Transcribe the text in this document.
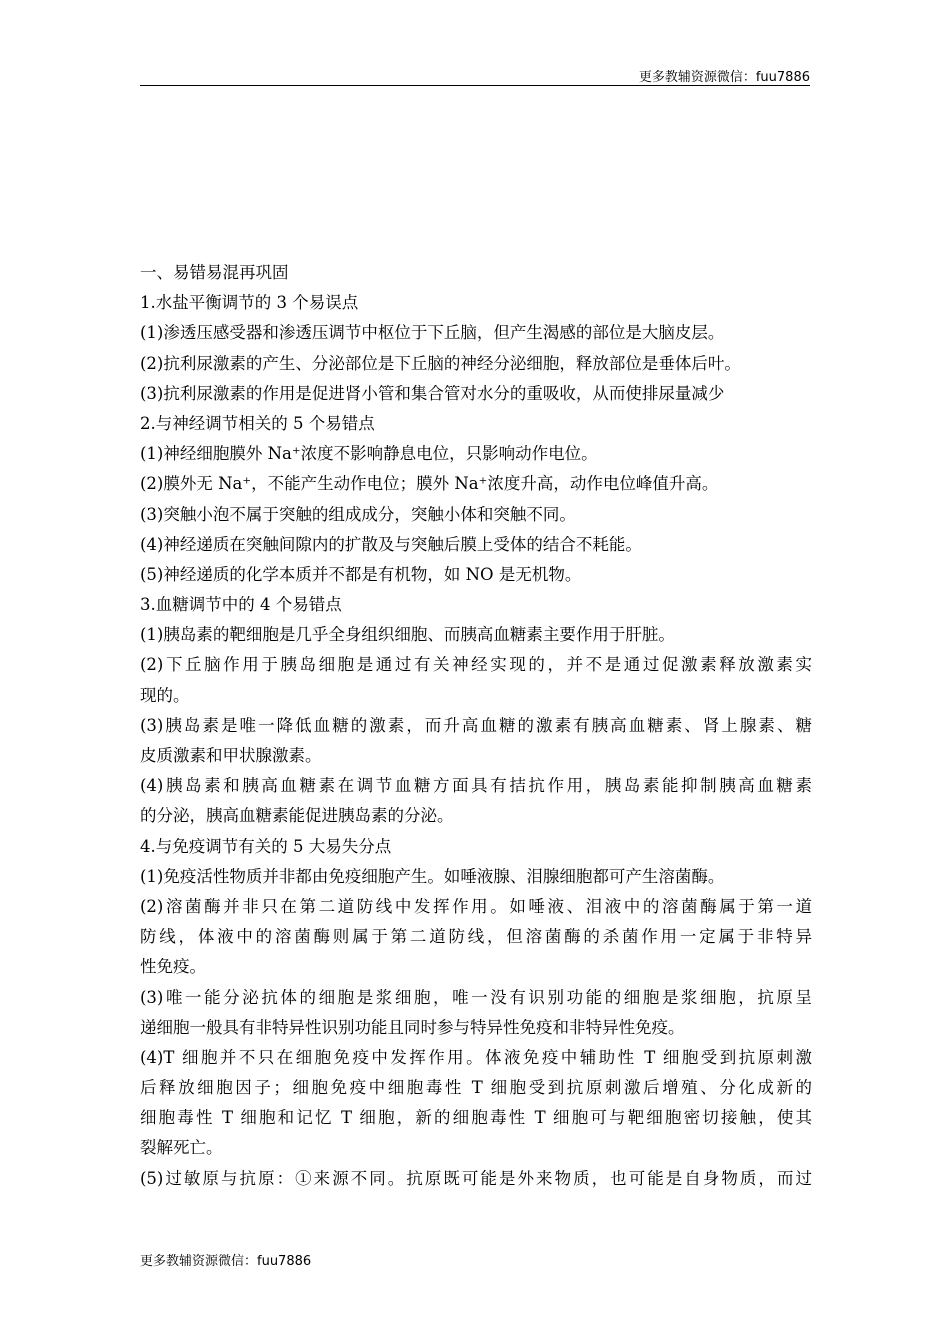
更多教辅资源微信：fuu7886
一、易错易混再巩固
1.水盐平衡调节的 3 个易误点
(1)渗透压感受器和渗透压调节中枢位于下丘脑，但产生渴感的部位是大脑皮层。
(2)抗利尿激素的产生、分泌部位是下丘脑的神经分泌细胞，释放部位是垂体后叶。
(3)抗利尿激素的作用是促进肾小管和集合管对水分的重吸收，从而使排尿量减少
2.与神经调节相关的 5 个易错点
(1)神经细胞膜外 Na⁺浓度不影响静息电位，只影响动作电位。
(2)膜外无 Na⁺，不能产生动作电位；膜外 Na⁺浓度升高，动作电位峰值升高。
(3)突触小泡不属于突触的组成成分，突触小体和突触不同。
(4)神经递质在突触间隙内的扩散及与突触后膜上受体的结合不耗能。
(5)神经递质的化学本质并不都是有机物，如 NO 是无机物。
3.血糖调节中的 4 个易错点
(1)胰岛素的靶细胞是几乎全身组织细胞、而胰高血糖素主要作用于肝脏。
(2)下丘脑作用于胰岛细胞是通过有关神经实现的，并不是通过促激素释放激素实
现的。
(3)胰岛素是唯一降低血糖的激素，而升高血糖的激素有胰高血糖素、肾上腺素、糖
皮质激素和甲状腺激素。
(4)胰岛素和胰高血糖素在调节血糖方面具有拮抗作用，胰岛素能抑制胰高血糖素
的分泌，胰高血糖素能促进胰岛素的分泌。
4.与免疫调节有关的 5 大易失分点
(1)免疫活性物质并非都由免疫细胞产生。如唾液腺、泪腺细胞都可产生溶菌酶。
(2)溶菌酶并非只在第二道防线中发挥作用。如唾液、泪液中的溶菌酶属于第一道
防线，体液中的溶菌酶则属于第二道防线，但溶菌酶的杀菌作用一定属于非特异
性免疫。
(3)唯一能分泌抗体的细胞是浆细胞，唯一没有识别功能的细胞是浆细胞，抗原呈
递细胞一般具有非特异性识别功能且同时参与特异性免疫和非特异性免疫。
(4)T 细胞并不只在细胞免疫中发挥作用。体液免疫中辅助性 T 细胞受到抗原刺激
后释放细胞因子；细胞免疫中细胞毒性 T 细胞受到抗原刺激后增殖、分化成新的
细胞毒性 T 细胞和记忆 T 细胞，新的细胞毒性 T 细胞可与靶细胞密切接触，使其
裂解死亡。
(5)过敏原与抗原：①来源不同。抗原既可能是外来物质，也可能是自身物质，而过
更多教辅资源微信：fuu7886
